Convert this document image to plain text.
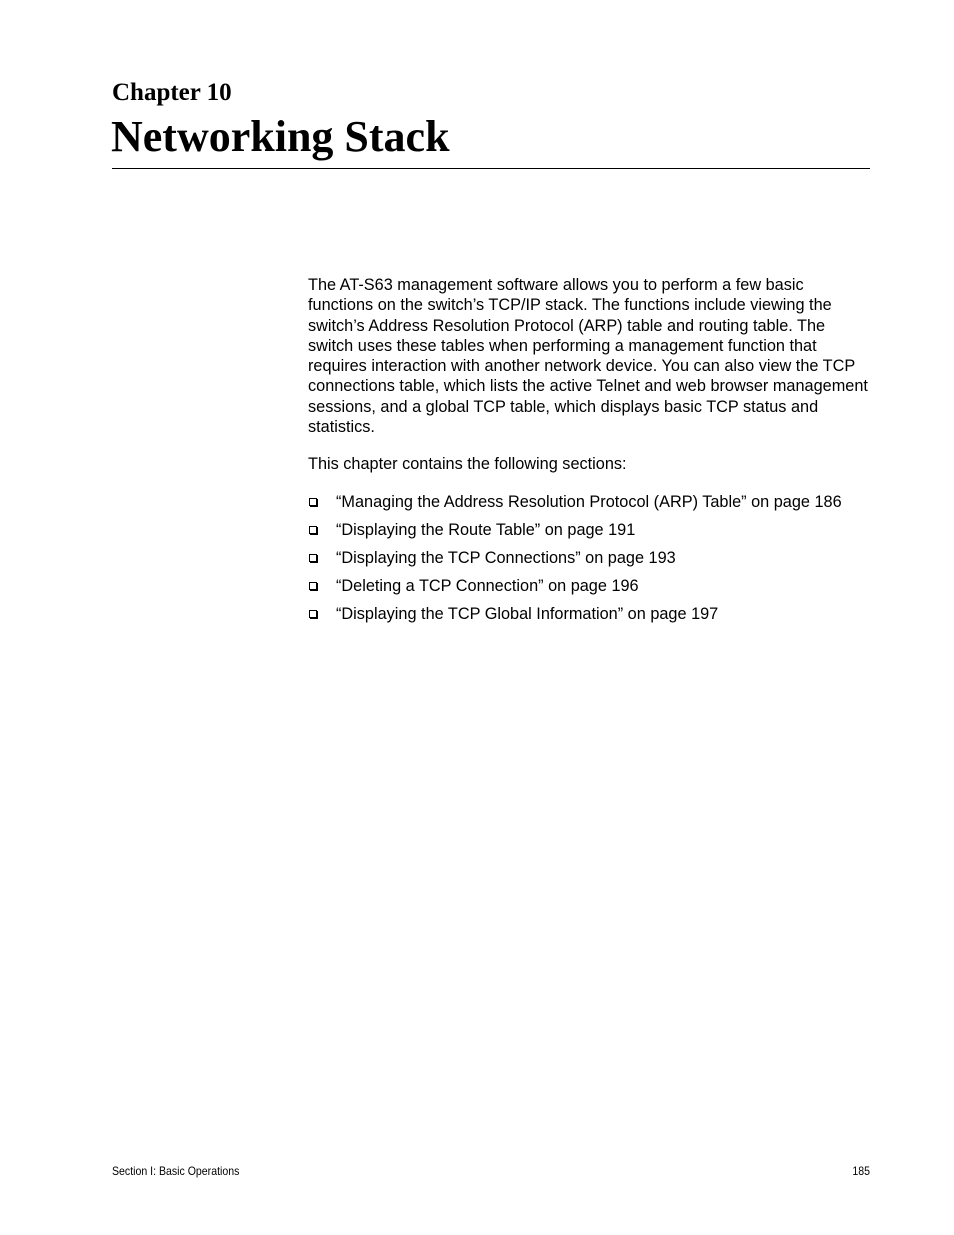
Chapter 10
Networking Stack

The AT-S63 management software allows you to perform a few basic functions on the switch’s TCP/IP stack. The functions include viewing the switch’s Address Resolution Protocol (ARP) table and routing table. The switch uses these tables when performing a management function that requires interaction with another network device. You can also view the TCP connections table, which lists the active Telnet and web browser management sessions, and a global TCP table, which displays basic TCP status and statistics.

This chapter contains the following sections:

“Managing the Address Resolution Protocol (ARP) Table” on page 186
“Displaying the Route Table” on page 191
“Displaying the TCP Connections” on page 193
“Deleting a TCP Connection” on page 196
“Displaying the TCP Global Information” on page 197
Section I: Basic Operations	185
